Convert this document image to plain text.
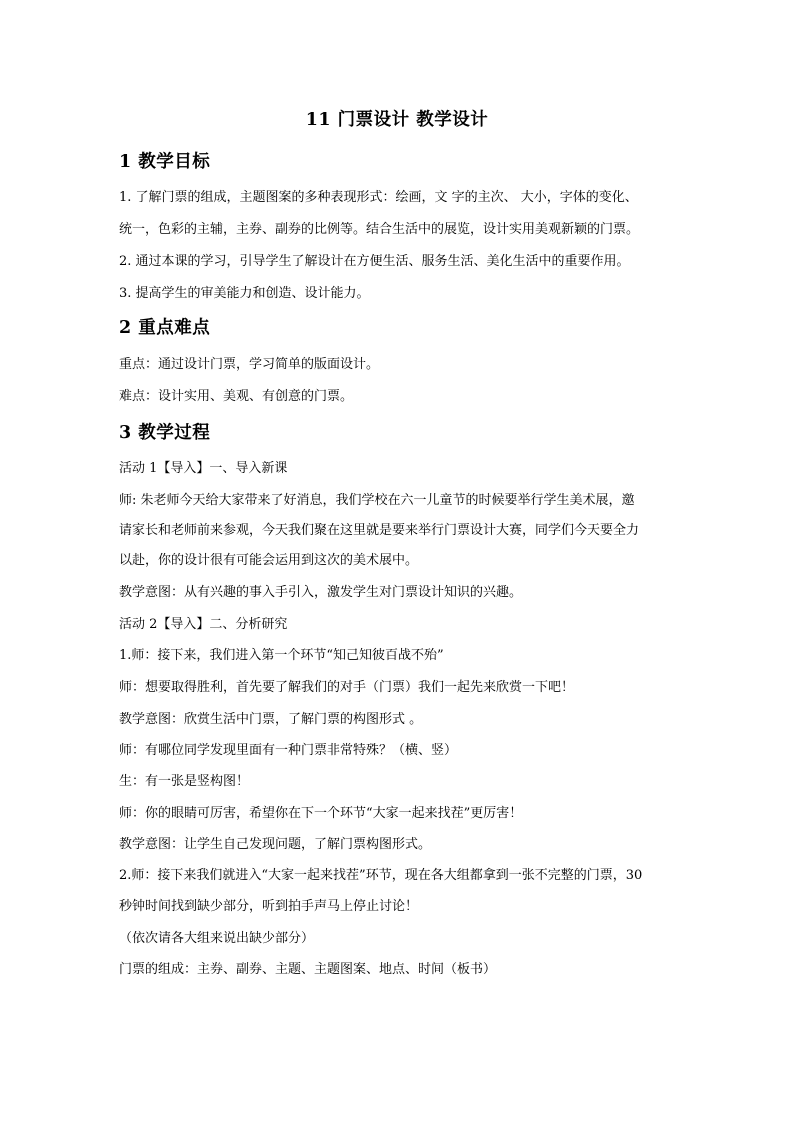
11 门票设计 教学设计
1 教学目标
1. 了解门票的组成，主题图案的多种表现形式：绘画，文 字的主次、 大小，字体的变化、
统一，色彩的主辅，主券、副券的比例等。结合生活中的展览，设计实用美观新颖的门票。
2. 通过本课的学习，引导学生了解设计在方便生活、服务生活、美化生活中的重要作用。
3. 提高学生的审美能力和创造、设计能力。
2 重点难点
重点：通过设计门票，学习简单的版面设计。
难点：设计实用、美观、有创意的门票。
3 教学过程
活动 1【导入】一、导入新课
师: 朱老师今天给大家带来了好消息，我们学校在六一儿童节的时候要举行学生美术展，邀
请家长和老师前来参观，今天我们聚在这里就是要来举行门票设计大赛，同学们今天要全力
以赴，你的设计很有可能会运用到这次的美术展中。
教学意图：从有兴趣的事入手引入，激发学生对门票设计知识的兴趣。
活动 2【导入】二、分析研究
1.师：接下来，我们进入第一个环节“知己知彼百战不殆”
师：想要取得胜利，首先要了解我们的对手（门票）我们一起先来欣赏一下吧！
教学意图：欣赏生活中门票，了解门票的构图形式 。
师：有哪位同学发现里面有一种门票非常特殊？（横、竖）
生：有一张是竖构图！
师：你的眼睛可厉害，希望你在下一个环节“大家一起来找茬”更厉害！
教学意图：让学生自己发现问题，了解门票构图形式。
2.师：接下来我们就进入“大家一起来找茬”环节，现在各大组都拿到一张不完整的门票，30
秒钟时间找到缺少部分，听到拍手声马上停止讨论！
（依次请各大组来说出缺少部分）
门票的组成：主券、副券、主题、主题图案、地点、时间（板书）
